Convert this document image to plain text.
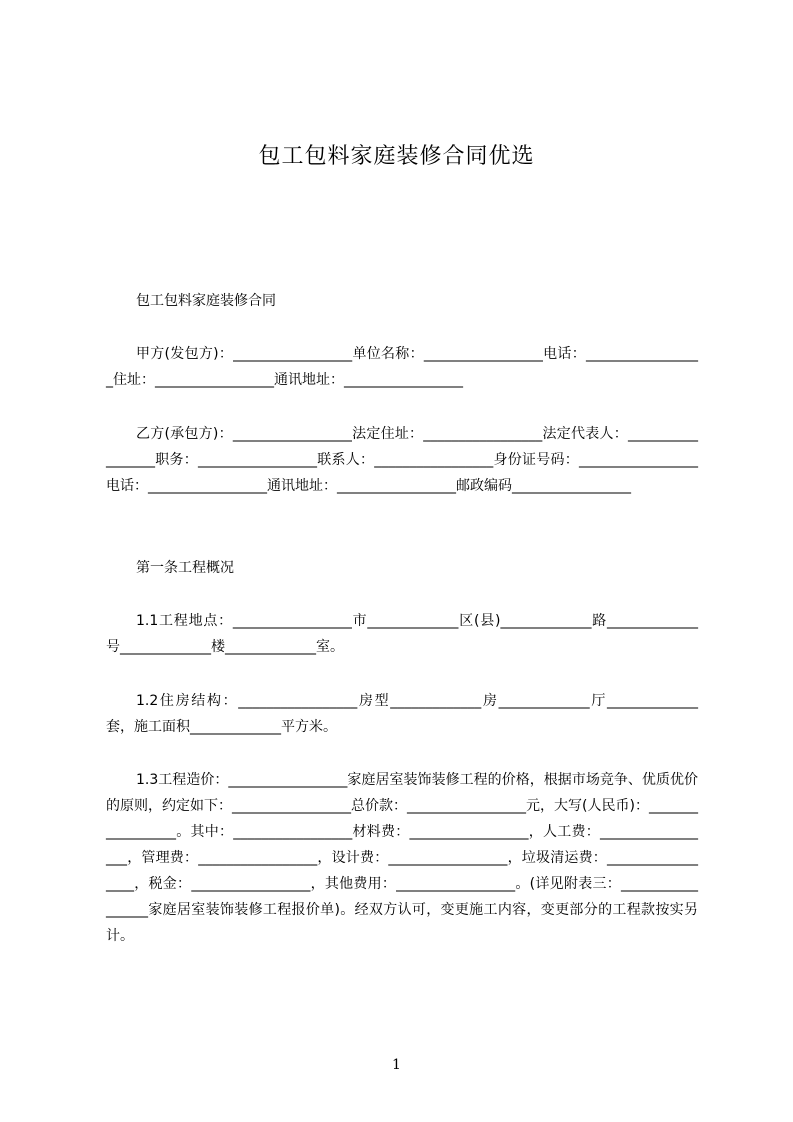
包工包料家庭装修合同优选

包工包料家庭装修合同

甲方(发包方)：_________________单位名称：_________________电话：_________________住址：_________________通讯地址：_________________

乙方(承包方)：_________________法定住址：_________________法定代表人：_________________职务：_________________联系人：_________________身份证号码：_________________电话：_________________通讯地址：_________________邮政编码_________________

第一条工程概况

1.1工程地点：_________________市_____________区(县)_____________路_____________号_____________楼_____________室。

1.2住房结构：_________________房型_____________房_____________厅_____________套，施工面积_____________平方米。

1.3工程造价：_________________家庭居室装饰装修工程的价格，根据市场竞争、优质优价的原则，约定如下：_________________总价款：_________________元，大写(人民币)：_________________。其中：_________________材料费：_________________，人工费：_________________，管理费：_________________，设计费：_________________，垃圾清运费：_________________，税金：_________________，其他费用：_________________。(详见附表三：_________________家庭居室装饰装修工程报价单)。经双方认可，变更施工内容，变更部分的工程款按实另计。

1
